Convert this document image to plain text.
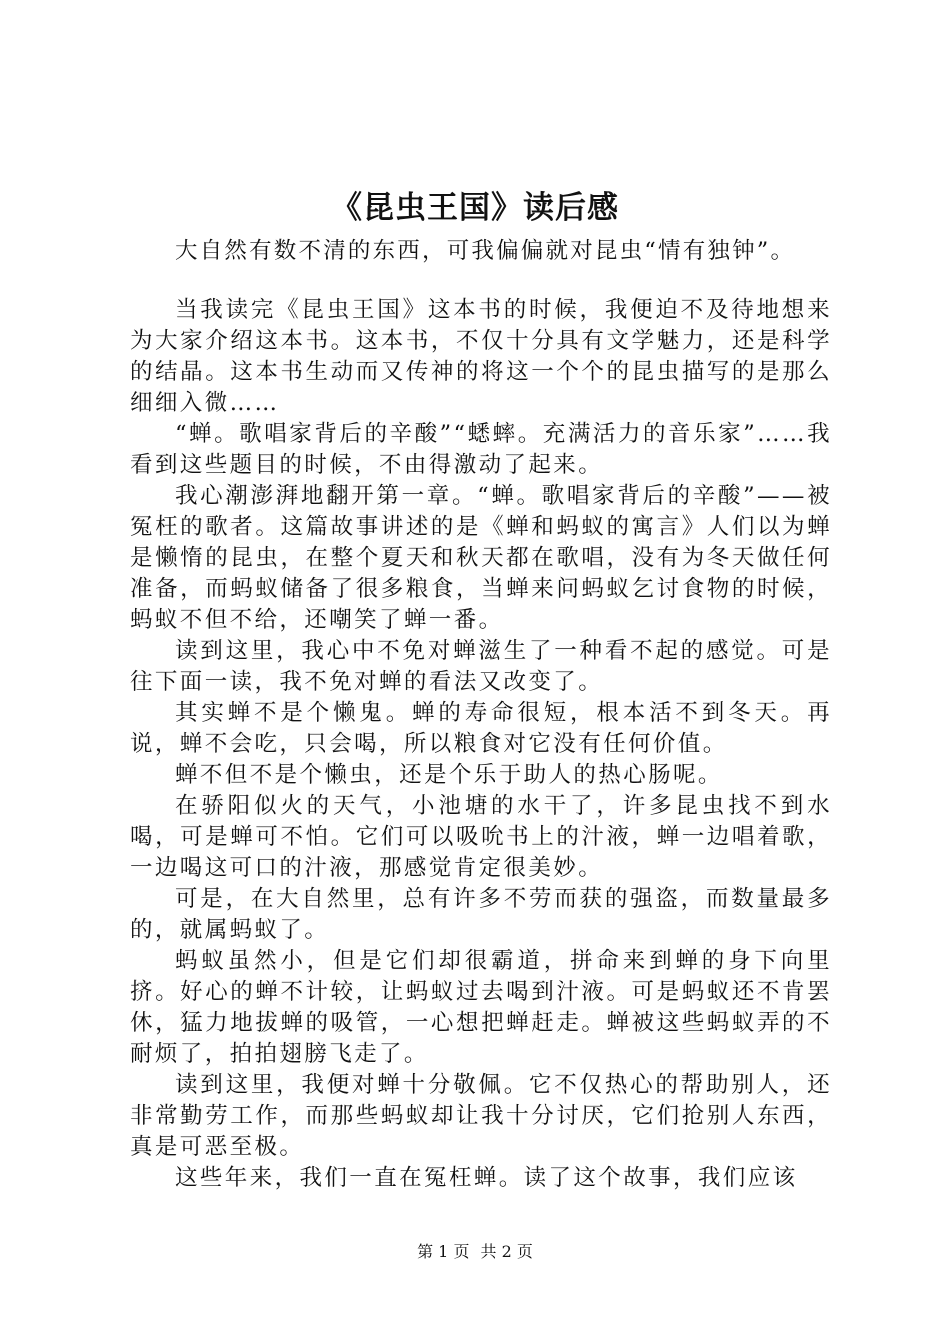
《昆虫王国》读后感

大自然有数不清的东西，可我偏偏就对昆虫“情有独钟”。

当我读完《昆虫王国》这本书的时候，我便迫不及待地想来为大家介绍这本书。这本书，不仅十分具有文学魅力，还是科学的结晶。这本书生动而又传神的将这一个个的昆虫描写的是那么细细入微……

“蝉。歌唱家背后的辛酸”“蟋蟀。充满活力的音乐家”……我看到这些题目的时候，不由得激动了起来。

我心潮澎湃地翻开第一章。“蝉。歌唱家背后的辛酸”——被冤枉的歌者。这篇故事讲述的是《蝉和蚂蚁的寓言》人们以为蝉是懒惰的昆虫，在整个夏天和秋天都在歌唱，没有为冬天做任何准备，而蚂蚁储备了很多粮食，当蝉来问蚂蚁乞讨食物的时候，蚂蚁不但不给，还嘲笑了蝉一番。

读到这里，我心中不免对蝉滋生了一种看不起的感觉。可是往下面一读，我不免对蝉的看法又改变了。

其实蝉不是个懒鬼。蝉的寿命很短，根本活不到冬天。再说，蝉不会吃，只会喝，所以粮食对它没有任何价值。

蝉不但不是个懒虫，还是个乐于助人的热心肠呢。

在骄阳似火的天气，小池塘的水干了，许多昆虫找不到水喝，可是蝉可不怕。它们可以吸吮书上的汁液，蝉一边唱着歌，一边喝这可口的汁液，那感觉肯定很美妙。

可是，在大自然里，总有许多不劳而获的强盗，而数量最多的，就属蚂蚁了。

蚂蚁虽然小，但是它们却很霸道，拼命来到蝉的身下向里挤。好心的蝉不计较，让蚂蚁过去喝到汁液。可是蚂蚁还不肯罢休，猛力地拔蝉的吸管，一心想把蝉赶走。蝉被这些蚂蚁弄的不耐烦了，拍拍翅膀飞走了。

读到这里，我便对蝉十分敬佩。它不仅热心的帮助别人，还非常勤劳工作，而那些蚂蚁却让我十分讨厌，它们抢别人东西，真是可恶至极。

这些年来，我们一直在冤枉蝉。读了这个故事，我们应该

第 1 页 共 2 页
